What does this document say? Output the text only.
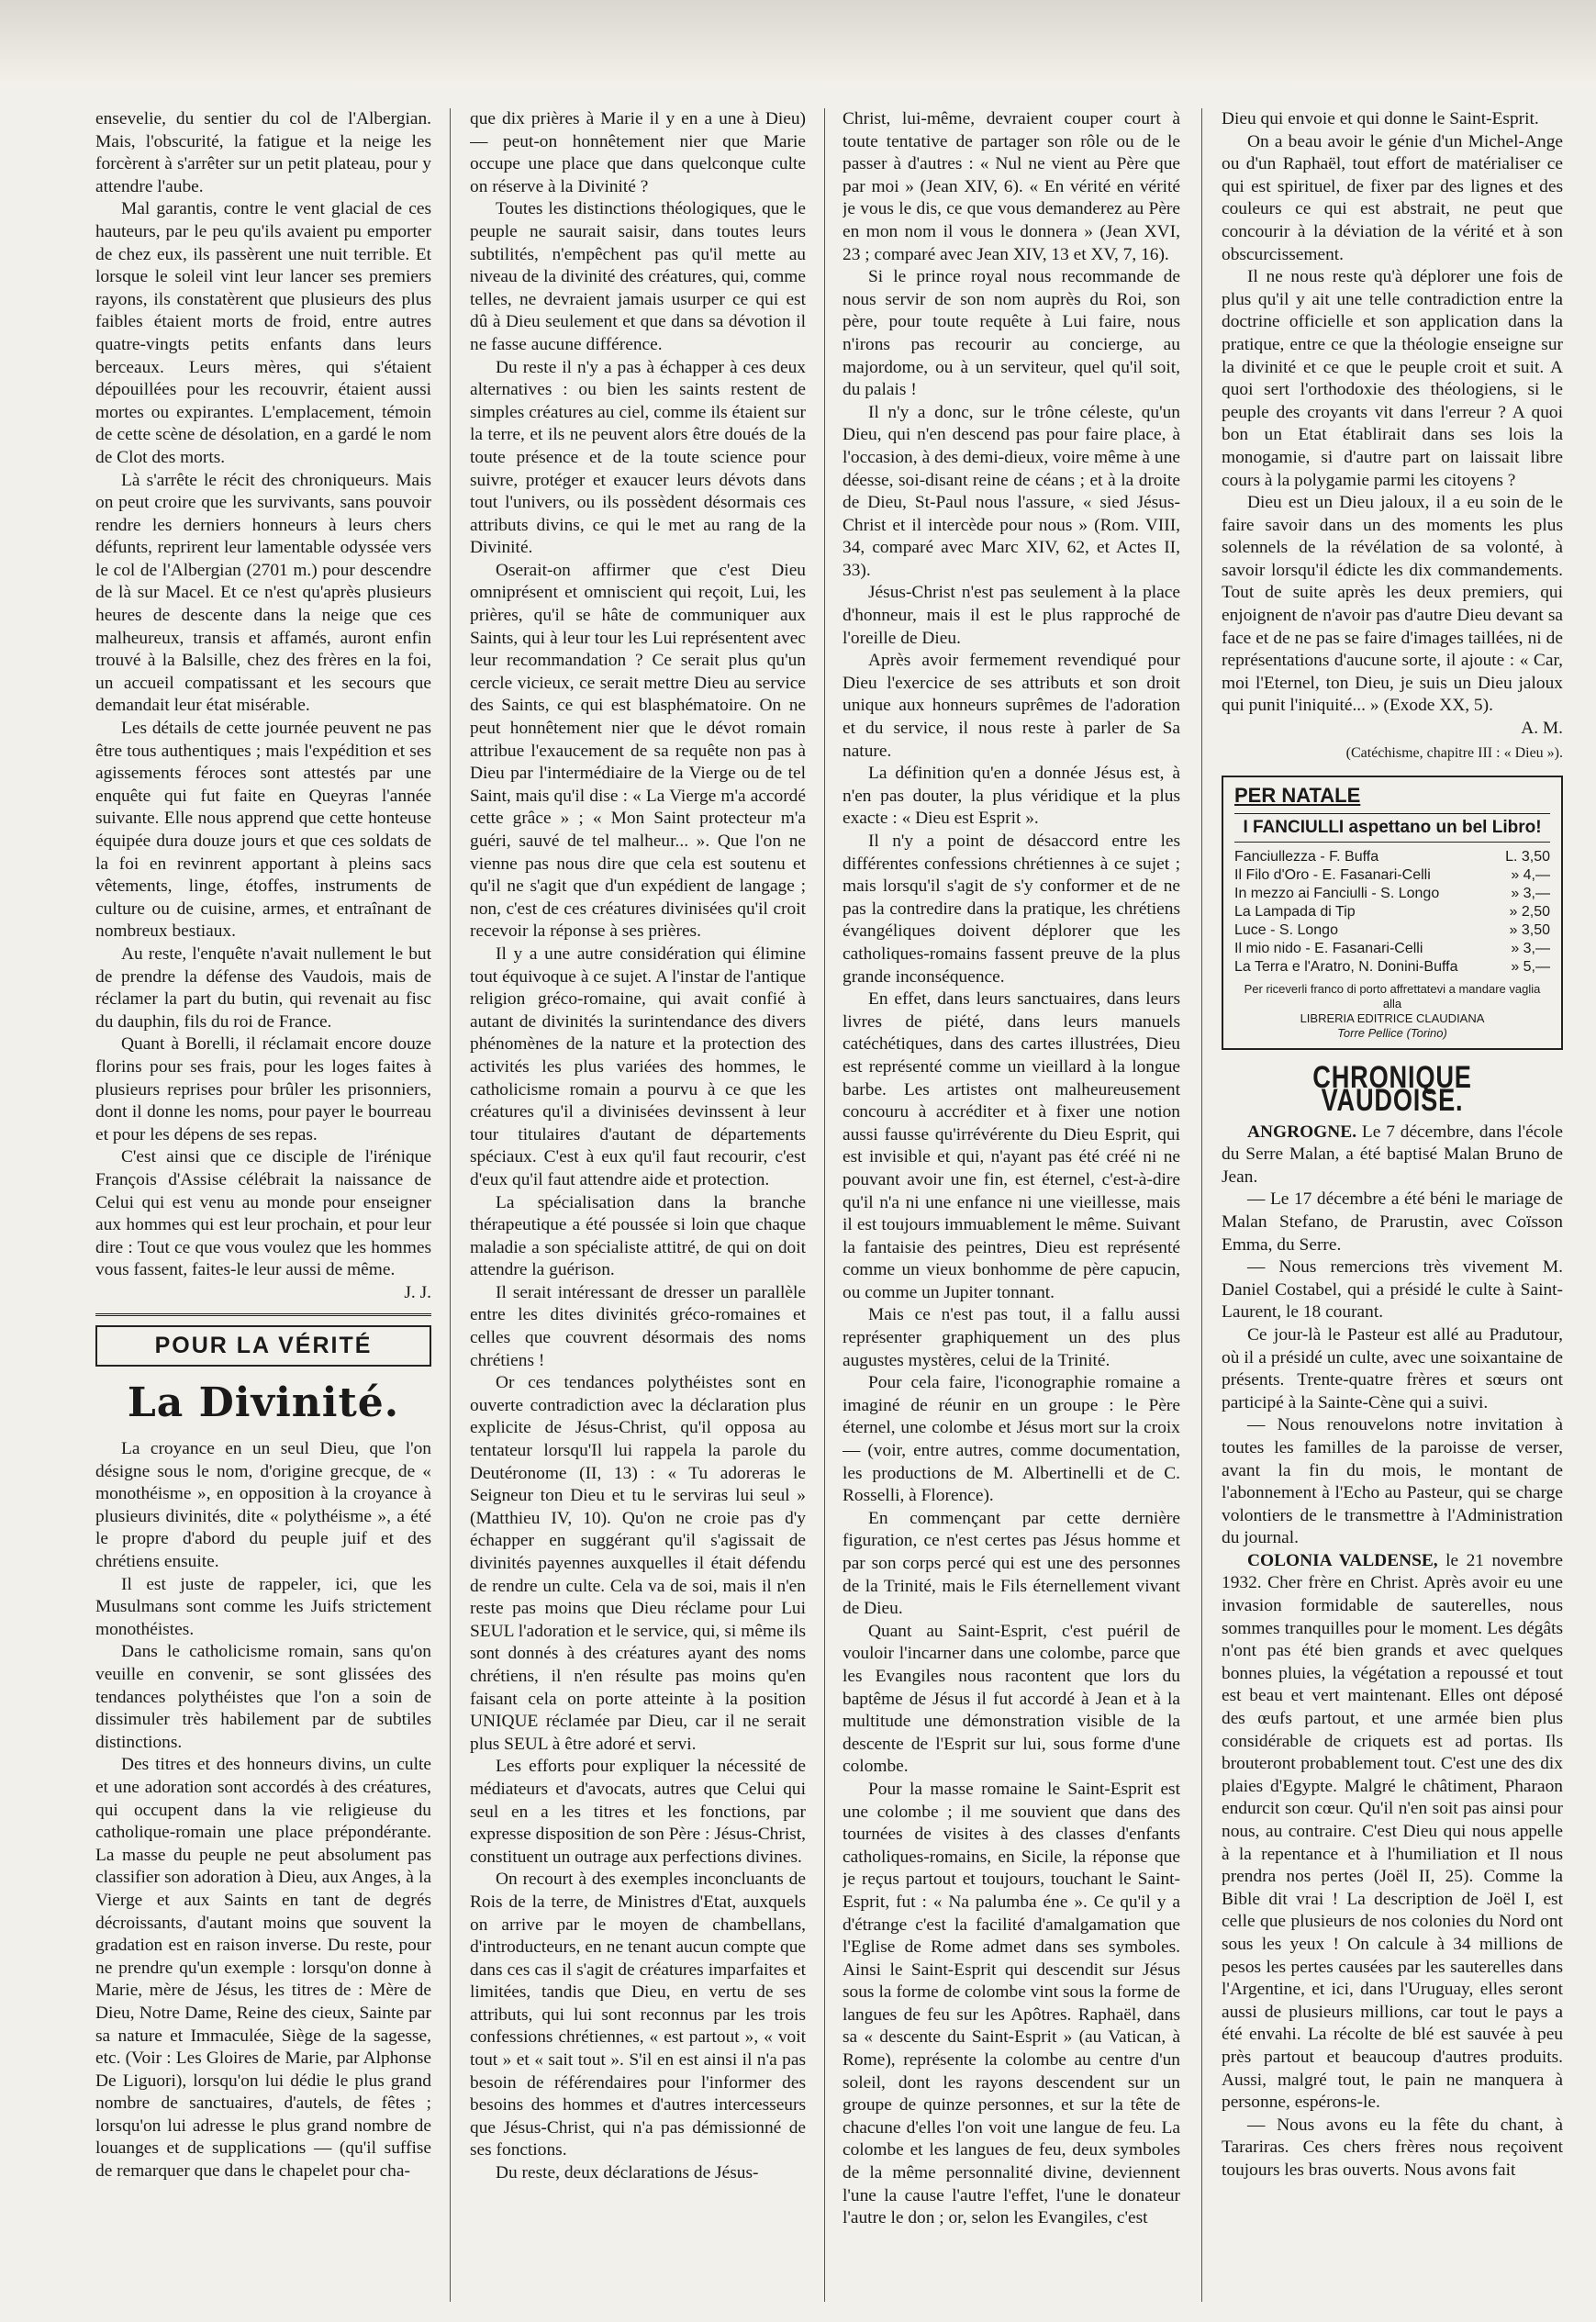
ensevelie, du sentier du col de l'Albergian. Mais, l'obscurité, la fatigue et la neige les forcèrent à s'arrêter sur un petit plateau, pour y attendre l'aube.

Mal garantis, contre le vent glacial de ces hauteurs, par le peu qu'ils avaient pu emporter de chez eux, ils passèrent une nuit terrible. Et lorsque le soleil vint leur lancer ses premiers rayons, ils constatèrent que plusieurs des plus faibles étaient morts de froid, entre autres quatre-vingts petits enfants dans leurs berceaux. Leurs mères, qui s'étaient dépouillées pour les recouvrir, étaient aussi mortes ou expirantes. L'emplacement, témoin de cette scène de désolation, en a gardé le nom de Clot des morts.

Là s'arrête le récit des chroniqueurs. Mais on peut croire que les survivants, sans pouvoir rendre les derniers honneurs à leurs chers défunts, reprirent leur lamentable odyssée vers le col de l'Albergian (2701 m.) pour descendre de là sur Macel. Et ce n'est qu'après plusieurs heures de descente dans la neige que ces malheureux, transis et affamés, auront enfin trouvé à la Balsille, chez des frères en la foi, un accueil compatissant et les secours que demandait leur état misérable.

Les détails de cette journée peuvent ne pas être tous authentiques ; mais l'expédition et ses agissements féroces sont attestés par une enquête qui fut faite en Queyras l'année suivante. Elle nous apprend que cette honteuse équipée dura douze jours et que ces soldats de la foi en revinrent apportant à pleins sacs vêtements, linge, étoffes, instruments de culture ou de cuisine, armes, et entraînant de nombreux bestiaux.

Au reste, l'enquête n'avait nullement le but de prendre la défense des Vaudois, mais de réclamer la part du butin, qui revenait au fisc du dauphin, fils du roi de France.

Quant à Borelli, il réclamait encore douze florins pour ses frais, pour les loges faites à plusieurs reprises pour brûler les prisonniers, dont il donne les noms, pour payer le bourreau et pour les dépens de ses repas.

C'est ainsi que ce disciple de l'irénique François d'Assise célébrait la naissance de Celui qui est venu au monde pour enseigner aux hommes qui est leur prochain, et pour leur dire : Tout ce que vous voulez que les hommes vous fassent, faites-le leur aussi de même.

J. J.
POUR LA VÉRITÉ
La Divinité.

La croyance en un seul Dieu, que l'on désigne sous le nom, d'origine grecque, de « monothéisme », en opposition à la croyance à plusieurs divinités, dite « polythéisme », a été le propre d'abord du peuple juif et des chrétiens ensuite.

Il est juste de rappeler, ici, que les Musulmans sont comme les Juifs strictement monothéistes.

Dans le catholicisme romain, sans qu'on veuille en convenir, se sont glissées des tendances polythéistes que l'on a soin de dissimuler très habilement par de subtiles distinctions.

Des titres et des honneurs divins, un culte et une adoration sont accordés à des créatures, qui occupent dans la vie religieuse du catholique-romain une place prépondérante. La masse du peuple ne peut absolument pas classifier son adoration à Dieu, aux Anges, à la Vierge et aux Saints en tant de degrés décroissants, d'autant moins que souvent la gradation est en raison inverse. Du reste, pour ne prendre qu'un exemple : lorsqu'on donne à Marie, mère de Jésus, les titres de : Mère de Dieu, Notre Dame, Reine des cieux, Sainte par sa nature et Immaculée, Siège de la sagesse, etc. (Voir : Les Gloires de Marie, par Alphonse De Liguori), lorsqu'on lui dédie le plus grand nombre de sanctuaires, d'autels, de fêtes ; lorsqu'on lui adresse le plus grand nombre de louanges et de supplications — (qu'il suffise de remarquer que dans le chapelet pour cha-

que dix prières à Marie il y en a une à Dieu) — peut-on honnêtement nier que Marie occupe une place que dans quelconque culte on réserve à la Divinité ?

Toutes les distinctions théologiques, que le peuple ne saurait saisir, dans toutes leurs subtilités, n'empêchent pas qu'il mette au niveau de la divinité des créatures, qui, comme telles, ne devraient jamais usurper ce qui est dû à Dieu seulement et que dans sa dévotion il ne fasse aucune différence.

Du reste il n'y a pas à échapper à ces deux alternatives : ou bien les saints restent de simples créatures au ciel, comme ils étaient sur la terre, et ils ne peuvent alors être doués de la toute présence et de la toute science pour suivre, protéger et exaucer leurs dévots dans tout l'univers, ou ils possèdent désormais ces attributs divins, ce qui le met au rang de la Divinité.

Oserait-on affirmer que c'est Dieu omniprésent et omniscient qui reçoit, Lui, les prières, qu'il se hâte de communiquer aux Saints, qui à leur tour les Lui représentent avec leur recommandation ? Ce serait plus qu'un cercle vicieux, ce serait mettre Dieu au service des Saints, ce qui est blasphématoire. On ne peut honnêtement nier que le dévot romain attribue l'exaucement de sa requête non pas à Dieu par l'intermédiaire de la Vierge ou de tel Saint, mais qu'il dise : « La Vierge m'a accordé cette grâce » ; « Mon Saint protecteur m'a guéri, sauvé de tel malheur... ». Que l'on ne vienne pas nous dire que cela est soutenu et qu'il ne s'agit que d'un expédient de langage ; non, c'est de ces créatures divinisées qu'il croit recevoir la réponse à ses prières.

Il y a une autre considération qui élimine tout équivoque à ce sujet. A l'instar de l'antique religion gréco-romaine, qui avait confié à autant de divinités la surintendance des divers phénomènes de la nature et la protection des activités les plus variées des hommes, le catholicisme romain a pourvu à ce que les créatures qu'il a divinisées devinssent à leur tour titulaires d'autant de départements spéciaux. C'est à eux qu'il faut recourir, c'est d'eux qu'il faut attendre aide et protection.

La spécialisation dans la branche thérapeutique a été poussée si loin que chaque maladie a son spécialiste attitré, de qui on doit attendre la guérison.

Il serait intéressant de dresser un parallèle entre les dites divinités gréco-romaines et celles que couvrent désormais des noms chrétiens !

Or ces tendances polythéistes sont en ouverte contradiction avec la déclaration plus explicite de Jésus-Christ, qu'il opposa au tentateur lorsqu'Il lui rappela la parole du Deutéronome (II, 13) : « Tu adoreras le Seigneur ton Dieu et tu le serviras lui seul » (Matthieu IV, 10). Qu'on ne croie pas d'y échapper en suggérant qu'il s'agissait de divinités payennes auxquelles il était défendu de rendre un culte. Cela va de soi, mais il n'en reste pas moins que Dieu réclame pour Lui SEUL l'adoration et le service, qui, si même ils sont donnés à des créatures ayant des noms chrétiens, il n'en résulte pas moins qu'en faisant cela on porte atteinte à la position UNIQUE réclamée par Dieu, car il ne serait plus SEUL à être adoré et servi.

Les efforts pour expliquer la nécessité de médiateurs et d'avocats, autres que Celui qui seul en a les titres et les fonctions, par expresse disposition de son Père : Jésus-Christ, constituent un outrage aux perfections divines.

On recourt à des exemples inconcluants de Rois de la terre, de Ministres d'Etat, auxquels on arrive par le moyen de chambellans, d'introducteurs, en ne tenant aucun compte que dans ces cas il s'agit de créatures imparfaites et limitées, tandis que Dieu, en vertu de ses attributs, qui lui sont reconnus par les trois confessions chrétiennes, « est partout », « voit tout » et « sait tout ». S'il en est ainsi il n'a pas besoin de référendaires pour l'informer des besoins des hommes et d'autres intercesseurs que Jésus-Christ, qui n'a pas démissionné de ses fonctions.

Du reste, deux déclarations de Jésus-

Christ, lui-même, devraient couper court à toute tentative de partager son rôle ou de le passer à d'autres : « Nul ne vient au Père que par moi » (Jean XIV, 6). « En vérité en vérité je vous le dis, ce que vous demanderez au Père en mon nom il vous le donnera » (Jean XVI, 23 ; comparé avec Jean XIV, 13 et XV, 7, 16).

Si le prince royal nous recommande de nous servir de son nom auprès du Roi, son père, pour toute requête à Lui faire, nous n'irons pas recourir au concierge, au majordome, ou à un serviteur, quel qu'il soit, du palais !

Il n'y a donc, sur le trône céleste, qu'un Dieu, qui n'en descend pas pour faire place, à l'occasion, à des demi-dieux, voire même à une déesse, soi-disant reine de céans ; et à la droite de Dieu, St-Paul nous l'assure, « sied Jésus-Christ et il intercède pour nous » (Rom. VIII, 34, comparé avec Marc XIV, 62, et Actes II, 33).

Jésus-Christ n'est pas seulement à la place d'honneur, mais il est le plus rapproché de l'oreille de Dieu.

Après avoir fermement revendiqué pour Dieu l'exercice de ses attributs et son droit unique aux honneurs suprêmes de l'adoration et du service, il nous reste à parler de Sa nature.

La définition qu'en a donnée Jésus est, à n'en pas douter, la plus véridique et la plus exacte : « Dieu est Esprit ».

Il n'y a point de désaccord entre les différentes confessions chrétiennes à ce sujet ; mais lorsqu'il s'agit de s'y conformer et de ne pas la contredire dans la pratique, les chrétiens évangéliques doivent déplorer que les catholiques-romains fassent preuve de la plus grande inconséquence.

En effet, dans leurs sanctuaires, dans leurs livres de piété, dans leurs manuels catéchétiques, dans des cartes illustrées, Dieu est représenté comme un vieillard à la longue barbe. Les artistes ont malheureusement concouru à accréditer et à fixer une notion aussi fausse qu'irrévérente du Dieu Esprit, qui est invisible et qui, n'ayant pas été créé ni ne pouvant avoir une fin, est éternel, c'est-à-dire qu'il n'a ni une enfance ni une vieillesse, mais il est toujours immuablement le même. Suivant la fantaisie des peintres, Dieu est représenté comme un vieux bonhomme de père capucin, ou comme un Jupiter tonnant.

Mais ce n'est pas tout, il a fallu aussi représenter graphiquement un des plus augustes mystères, celui de la Trinité.

Pour cela faire, l'iconographie romaine a imaginé de réunir en un groupe : le Père éternel, une colombe et Jésus mort sur la croix — (voir, entre autres, comme documentation, les productions de M. Albertinelli et de C. Rosselli, à Florence).

En commençant par cette dernière figuration, ce n'est certes pas Jésus homme et par son corps percé qui est une des personnes de la Trinité, mais le Fils éternellement vivant de Dieu.

Quant au Saint-Esprit, c'est puéril de vouloir l'incarner dans une colombe, parce que les Evangiles nous racontent que lors du baptême de Jésus il fut accordé à Jean et à la multitude une démonstration visible de la descente de l'Esprit sur lui, sous forme d'une colombe.

Pour la masse romaine le Saint-Esprit est une colombe ; il me souvient que dans des tournées de visites à des classes d'enfants catholiques-romains, en Sicile, la réponse que je reçus partout et toujours, touchant le Saint-Esprit, fut : « Na palumba éne ». Ce qu'il y a d'étrange c'est la facilité d'amalgamation que l'Eglise de Rome admet dans ses symboles. Ainsi le Saint-Esprit qui descendit sur Jésus sous la forme de colombe vint sous la forme de langues de feu sur les Apôtres. Raphaël, dans sa « descente du Saint-Esprit » (au Vatican, à Rome), représente la colombe au centre d'un soleil, dont les rayons descendent sur un groupe de quinze personnes, et sur la tête de chacune d'elles l'on voit une langue de feu. La colombe et les langues de feu, deux symboles de la même personnalité divine, deviennent l'une la cause l'autre l'effet, l'une le donateur l'autre le don ; or, selon les Evangiles, c'est

Dieu qui envoie et qui donne le Saint-Esprit.

On a beau avoir le génie d'un Michel-Ange ou d'un Raphaël, tout effort de matérialiser ce qui est spirituel, de fixer par des lignes et des couleurs ce qui est abstrait, ne peut que concourir à la déviation de la vérité et à son obscurcissement.

Il ne nous reste qu'à déplorer une fois de plus qu'il y ait une telle contradiction entre la doctrine officielle et son application dans la pratique, entre ce que la théologie enseigne sur la divinité et ce que le peuple croit et suit. A quoi sert l'orthodoxie des théologiens, si le peuple des croyants vit dans l'erreur ? A quoi bon un Etat établirait dans ses lois la monogamie, si d'autre part on laissait libre cours à la polygamie parmi les citoyens ?

Dieu est un Dieu jaloux, il a eu soin de le faire savoir dans un des moments les plus solennels de la révélation de sa volonté, à savoir lorsqu'il édicte les dix commandements. Tout de suite après les deux premiers, qui enjoignent de n'avoir pas d'autre Dieu devant sa face et de ne pas se faire d'images taillées, ni de représentations d'aucune sorte, il ajoute : « Car, moi l'Eternel, ton Dieu, je suis un Dieu jaloux qui punit l'iniquité... » (Exode XX, 5).

A. M.
(Catéchisme, chapitre III : « Dieu »).
PER NATALE
I FANCIULLI aspettano un bel Libro!
Fanciullezza - F. Buffa	L. 3,50
Il Filo d'Oro - E. Fasanari-Celli	» 4,—
In mezzo ai Fanciulli - S. Longo	» 3,—
La Lampada di Tip	» 2,50
Luce - S. Longo	» 3,50
Il mio nido - E. Fasanari-Celli	» 3,—
La Terra e l'Aratro, N. Donini-Buffa	» 5,—
Per riceverli franco di porto affrettatevi a mandare vaglia alla
LIBRERIA EDITRICE CLAUDIANA
Torre Pellice (Torino)
CHRONIQUE VAUDOISE.

ANGROGNE. Le 7 décembre, dans l'école du Serre Malan, a été baptisé Malan Bruno de Jean.

— Le 17 décembre a été béni le mariage de Malan Stefano, de Prarustin, avec Coïsson Emma, du Serre.

— Nous remercions très vivement M. Daniel Costabel, qui a présidé le culte à Saint-Laurent, le 18 courant.

Ce jour-là le Pasteur est allé au Pradutour, où il a présidé un culte, avec une soixantaine de présents. Trente-quatre frères et sœurs ont participé à la Sainte-Cène qui a suivi.

— Nous renouvelons notre invitation à toutes les familles de la paroisse de verser, avant la fin du mois, le montant de l'abonnement à l'Echo au Pasteur, qui se charge volontiers de le transmettre à l'Administration du journal.

COLONIA VALDENSE, le 21 novembre 1932. Cher frère en Christ. Après avoir eu une invasion formidable de sauterelles, nous sommes tranquilles pour le moment. Les dégâts n'ont pas été bien grands et avec quelques bonnes pluies, la végétation a repoussé et tout est beau et vert maintenant. Elles ont déposé des œufs partout, et une armée bien plus considérable de criquets est ad portas. Ils brouteront probablement tout. C'est une des dix plaies d'Egypte. Malgré le châtiment, Pharaon endurcit son cœur. Qu'il n'en soit pas ainsi pour nous, au contraire. C'est Dieu qui nous appelle à la repentance et à l'humiliation et Il nous prendra nos pertes (Joël II, 25). Comme la Bible dit vrai ! La description de Joël I, est celle que plusieurs de nos colonies du Nord ont sous les yeux ! On calcule à 34 millions de pesos les pertes causées par les sauterelles dans l'Argentine, et ici, dans l'Uruguay, elles seront aussi de plusieurs millions, car tout le pays a été envahi. La récolte de blé est sauvée à peu près partout et beaucoup d'autres produits. Aussi, malgré tout, le pain ne manquera à personne, espérons-le.

— Nous avons eu la fête du chant, à Tarariras. Ces chers frères nous reçoivent toujours les bras ouverts. Nous avons fait
